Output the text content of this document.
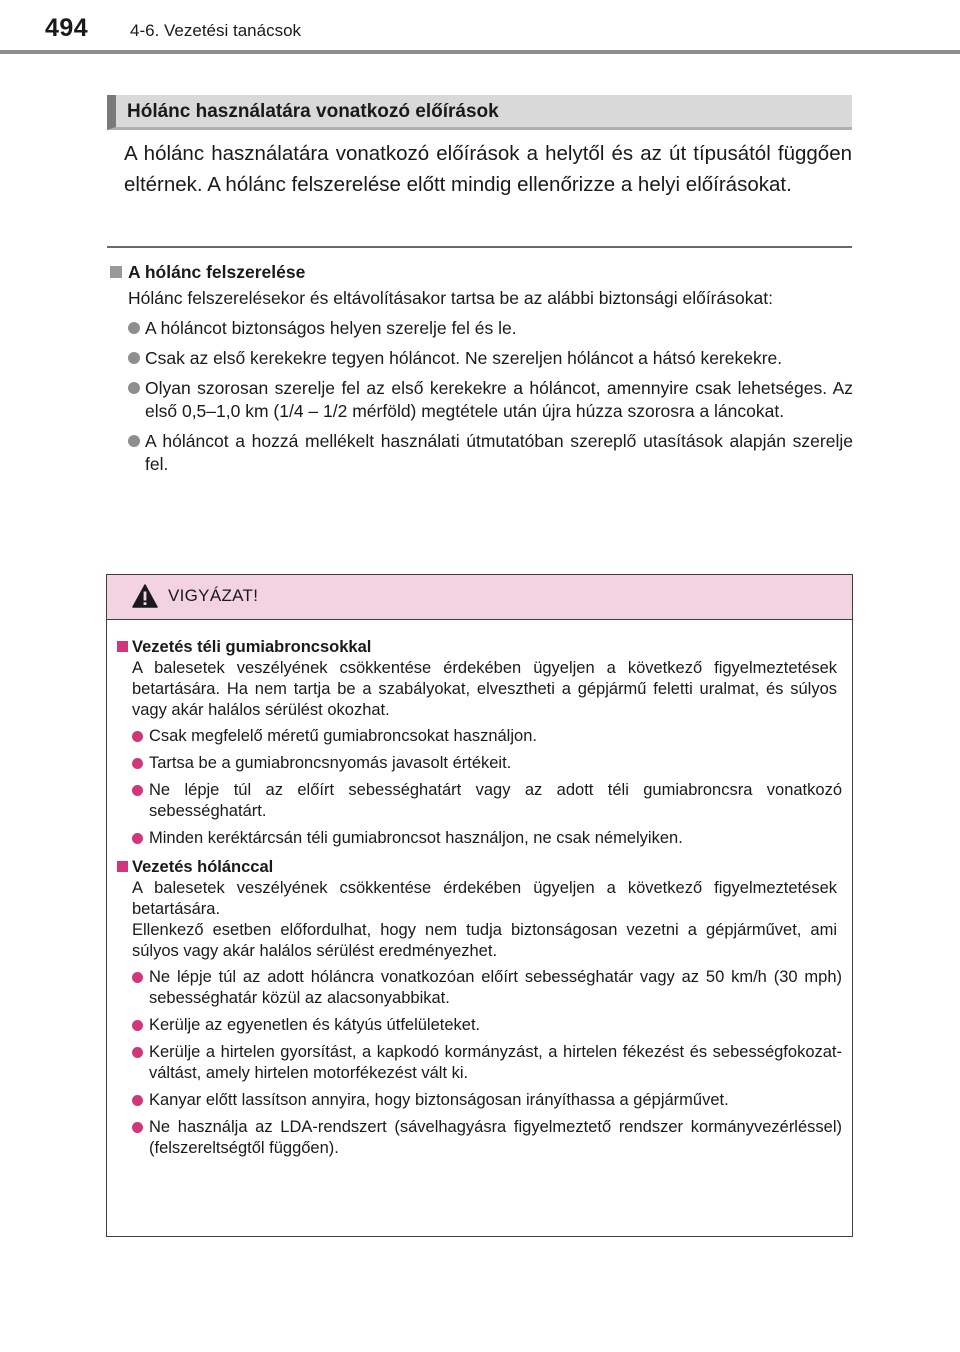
494 4-6. Vezetési tanácsok
Hólánc használatára vonatkozó előírások

A hólánc használatára vonatkozó előírások a helytől és az út típusától függően eltérnek. A hólánc felszerelése előtt mindig ellenőrizze a helyi előírásokat.

A hólánc felszerelése

Hólánc felszerelésekor és eltávolításakor tartsa be az alábbi biztonsági előírásokat:

A hóláncot biztonságos helyen szerelje fel és le.
Csak az első kerekekre tegyen hóláncot. Ne szereljen hóláncot a hátsó kerekekre.
Olyan szorosan szerelje fel az első kerekekre a hóláncot, amennyire csak lehetséges. Az első 0,5–1,0 km (1/4 – 1/2 mérföld) megtétele után újra húzza szorosra a láncokat.
A hóláncot a hozzá mellékelt használati útmutatóban szereplő utasítások alapján szerelje fel.
VIGYÁZAT!
Vezetés téli gumiabroncsokkal

A balesetek veszélyének csökkentése érdekében ügyeljen a következő figyelmeztetések betartására. Ha nem tartja be a szabályokat, elvesztheti a gépjármű feletti uralmat, és súlyos vagy akár halálos sérülést okozhat.

Csak megfelelő méretű gumiabroncsokat használjon.
Tartsa be a gumiabroncsnyomás javasolt értékeit.
Ne lépje túl az előírt sebességhatárt vagy az adott téli gumiabroncsra vonatkozó sebességhatárt.
Minden keréktárcsán téli gumiabroncsot használjon, ne csak némelyiken.
Vezetés hólánccal

A balesetek veszélyének csökkentése érdekében ügyeljen a következő figyelmeztetések betartására.

Ellenkező esetben előfordulhat, hogy nem tudja biztonságosan vezetni a gépjárművet, ami súlyos vagy akár halálos sérülést eredményezhet.

Ne lépje túl az adott hóláncra vonatkozóan előírt sebességhatár vagy az 50 km/h (30 mph) sebességhatár közül az alacsonyabbikat.
Kerülje az egyenetlen és kátyús útfelületeket.
Kerülje a hirtelen gyorsítást, a kapkodó kormányzást, a hirtelen fékezést és sebességfokozat-váltást, amely hirtelen motorfékezést vált ki.
Kanyar előtt lassítson annyira, hogy biztonságosan irányíthassa a gépjárművet.
Ne használja az LDA-rendszert (sávelhagyásra figyelmeztető rendszer kormányvezérléssel) (felszereltségtől függően).
